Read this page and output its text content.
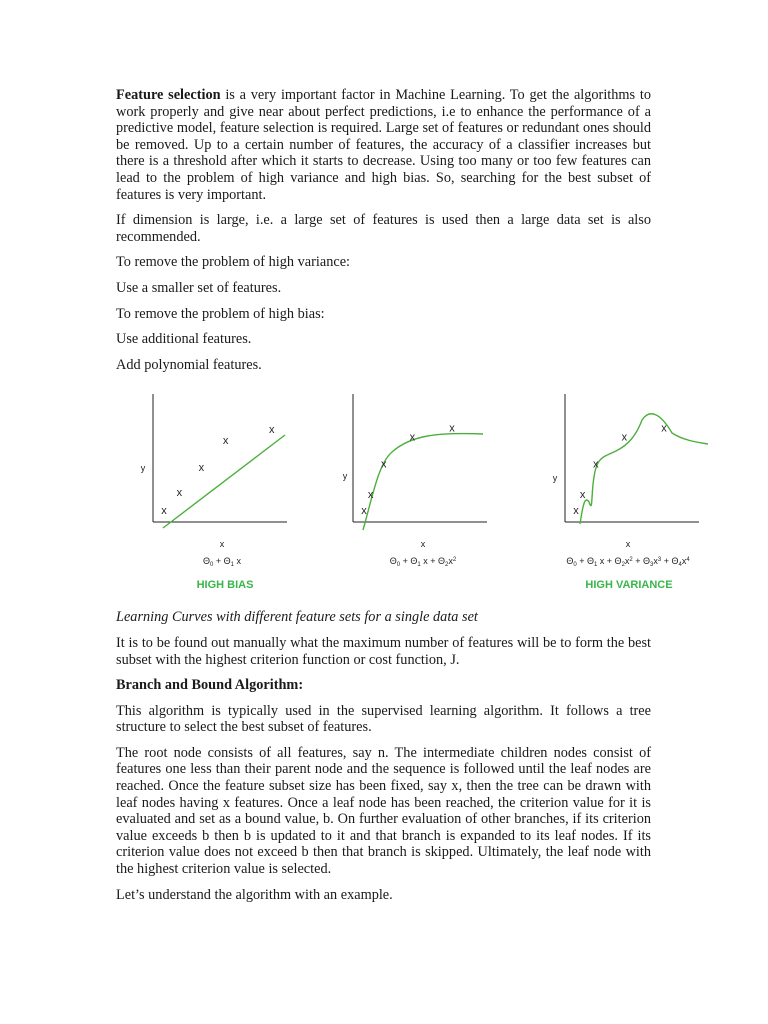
Feature selection is a very important factor in Machine Learning. To get the algorithms to work properly and give near about perfect predictions, i.e to enhance the performance of a predictive model, feature selection is required. Large set of features or redundant ones should be removed. Up to a certain number of features, the accuracy of a classifier increases but there is a threshold after which it starts to decrease. Using too many or too few features can lead to the problem of high variance and high bias. So, searching for the best subset of features is very important.

If dimension is large, i.e. a large set of features is used then a large data set is also recommended.

To remove the problem of high variance:

Use a smaller set of features.

To remove the problem of high bias:

Use additional features.

Add polynomial features.

x
x
x
x
x
x
y
$\Theta_0 + \Theta_1$ x
HIGH BIAS
x
x
x
x
x
x
y
$\Theta_0 + \Theta_1$ $x + \Theta_2x^2$
x
x
x
x
x
x
y
$\Theta_0 + \Theta_1$ $x + \Theta_2x^2 + \Theta_3x^3 + \Theta_4x^4$
HIGH VARIANCE

Learning Curves with different feature sets for a single data set

It is to be found out manually what the maximum number of features will be to form the best subset with the highest criterion function or cost function, J.

Branch and Bound Algorithm:

This algorithm is typically used in the supervised learning algorithm. It follows a tree structure to select the best subset of features.

The root node consists of all features, say n. The intermediate children nodes consist of features one less than their parent node and the sequence is followed until the leaf nodes are reached. Once the feature subset size has been fixed, say x, then the tree can be drawn with leaf nodes having x features. Once a leaf node has been reached, the criterion value for it is evaluated and set as a bound value, b. On further evaluation of other branches, if its criterion value exceeds b then b is updated to it and that branch is expanded to its leaf nodes. If its criterion value does not exceed b then that branch is skipped. Ultimately, the leaf node with the highest criterion value is selected.

Let’s understand the algorithm with an example.
